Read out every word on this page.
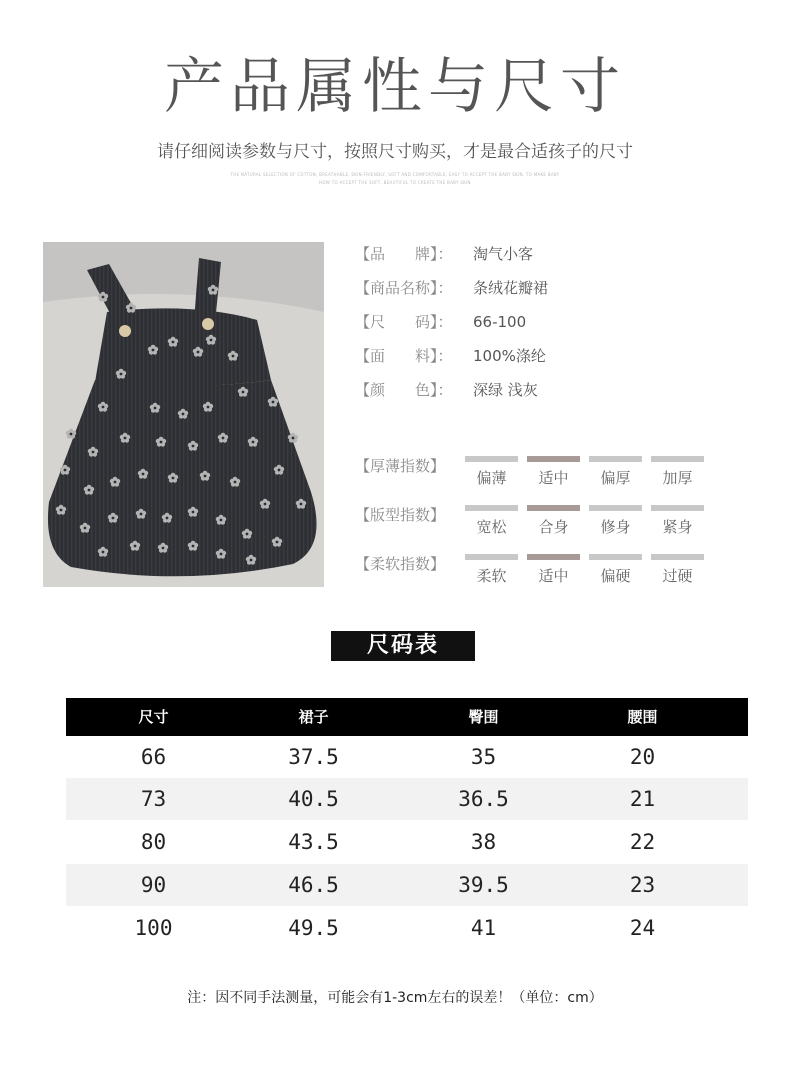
产品属性与尺寸
请仔细阅读参数与尺寸，按照尺寸购买，才是最合适孩子的尺寸
THE NATURAL SELECTION OF COTTON, BREATHABLE, SKIN-FRIENDLY, SOFT AND COMFORTABLE, EASY TO ACCEPT THE BABY SKIN, TO MAKE BABY
HOW TO ACCEPT THE SOFT, BEAUTIFUL TO CREATE THE BABY SKIN
【品　　牌】：	淘气小客
【商品名称】：	条绒花瓣裙
【尺　　码】：	66-100
【面　　料】：	100%涤纶
【颜　　色】：	深绿 浅灰
【厚薄指数】
偏薄	适中	偏厚	加厚
【版型指数】
宽松	合身	修身	紧身
【柔软指数】
柔软	适中	偏硬	过硬
尺码表
尺寸	裙子	臀围	腰围
66	37.5	35	20
73	40.5	36.5	21
80	43.5	38	22
90	46.5	39.5	23
100	49.5	41	24
注：因不同手法测量，可能会有1-3cm左右的误差！（单位：cm）
